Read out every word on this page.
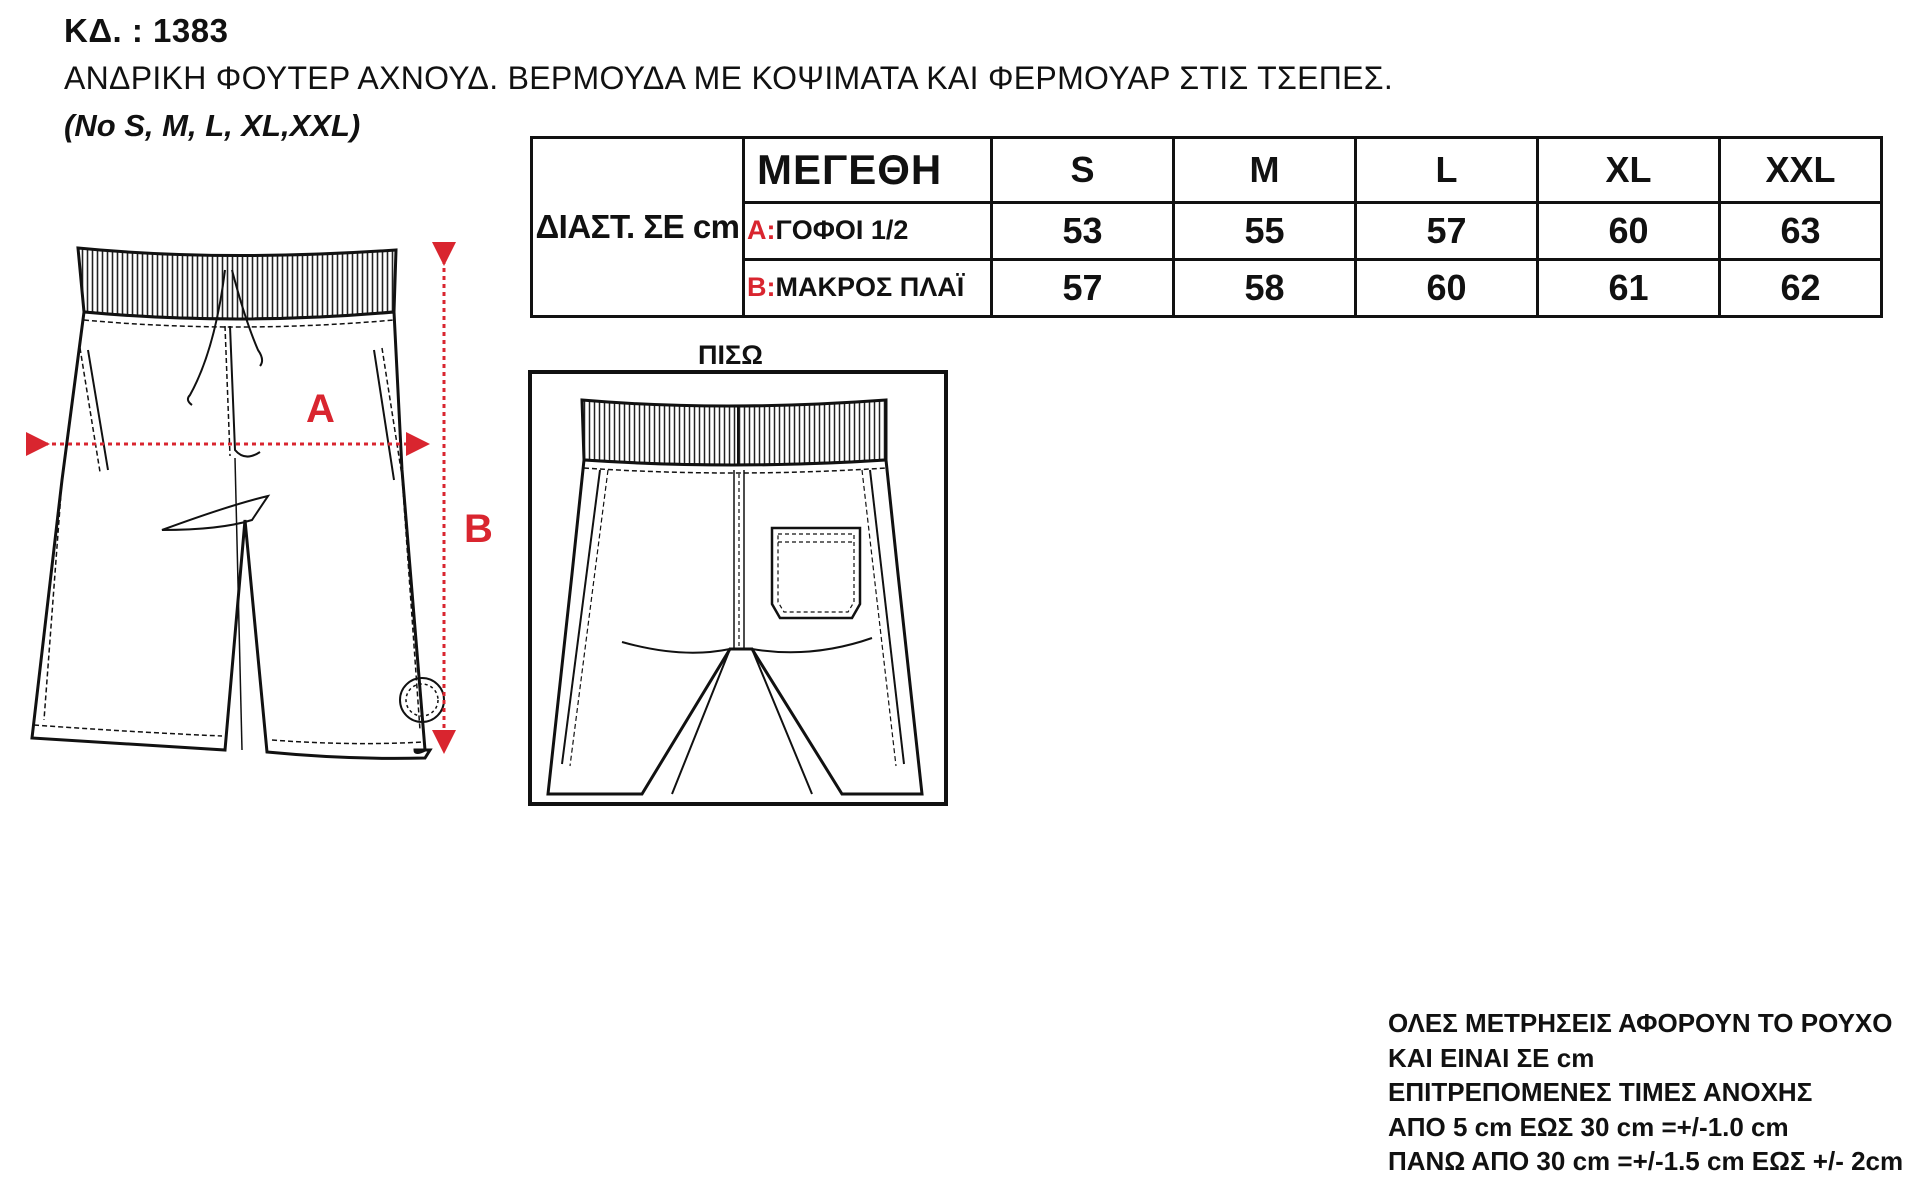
ΚΔ. : 1383
ΑΝΔΡΙΚΗ ΦΟΥΤΕΡ ΑΧΝΟΥΔ. ΒΕΡΜΟΥΔΑ ΜΕ ΚΟΨΙΜΑΤΑ ΚΑΙ ΦΕΡΜΟΥΑΡ ΣΤΙΣ ΤΣΕΠΕΣ.
(No S, M, L, XL,XXL)
ΔΙΑΣΤ. ΣΕ cm	ΜΕΓΕΘΗ	S	M	L	XL	XXL
	A:ΓΟΦΟΙ 1/2	53	55	57	60	63
	B:ΜΑΚΡΟΣ ΠΛΑΪ	57	58	60	61	62
A
B
ΠΙΣΩ
ΟΛΕΣ ΜΕΤΡΗΣΕΙΣ ΑΦΟΡΟΥΝ ΤΟ ΡΟΥΧΟ
ΚΑΙ ΕΙΝΑΙ ΣΕ cm
ΕΠΙΤΡΕΠΟΜΕΝΕΣ ΤΙΜΕΣ ΑΝΟΧΗΣ
ΑΠΟ 5 cm ΕΩΣ 30 cm =+/-1.0 cm
ΠΑΝΩ ΑΠΟ 30 cm =+/-1.5 cm ΕΩΣ +/- 2cm
